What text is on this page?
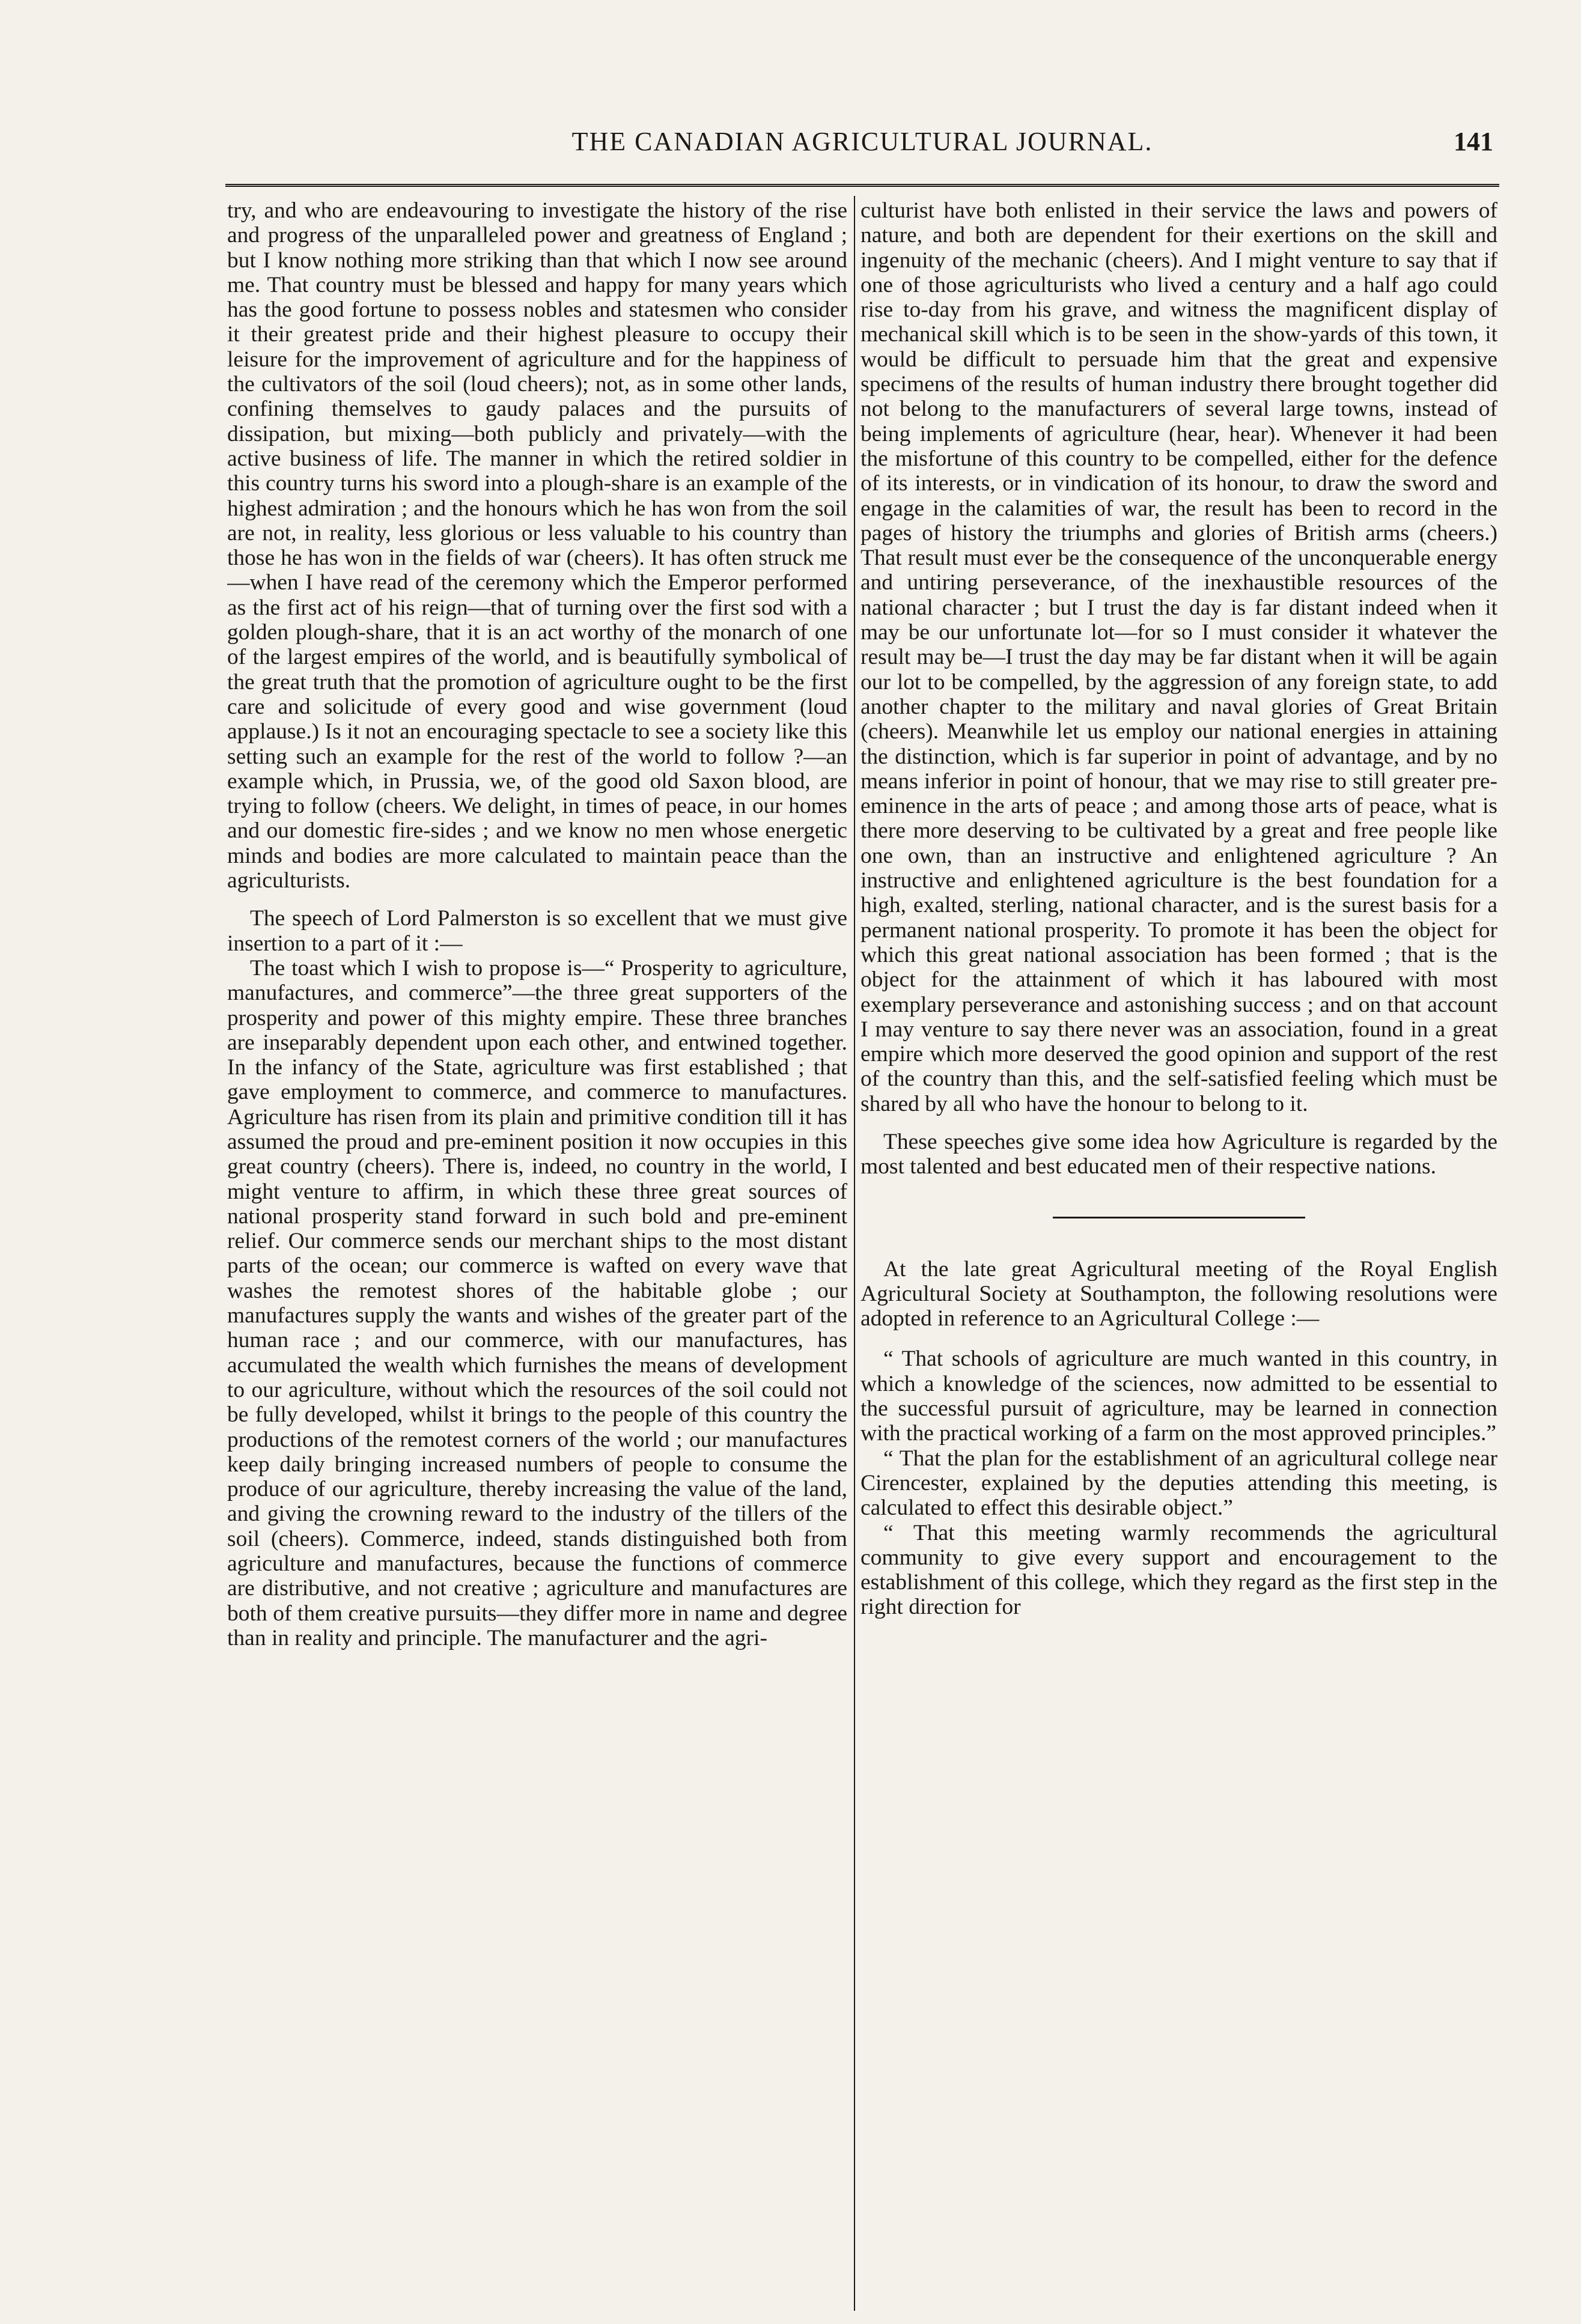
THE CANADIAN AGRICULTURAL JOURNAL.	141

try, and who are endeavouring to investigate the history of the rise and progress of the unparalleled power and greatness of England ; but I know nothing more striking than that which I now see around me. That country must be blessed and happy for many years which has the good fortune to possess nobles and statesmen who consider it their greatest pride and their highest pleasure to occupy their leisure for the improvement of agriculture and for the happiness of the cultivators of the soil (loud cheers); not, as in some other lands, confining themselves to gaudy palaces and the pursuits of dissipation, but mixing—both publicly and privately—with the active business of life. The manner in which the retired soldier in this country turns his sword into a plough-share is an example of the highest admiration ; and the honours which he has won from the soil are not, in reality, less glorious or less valuable to his country than those he has won in the fields of war (cheers). It has often struck me—when I have read of the ceremony which the Emperor performed as the first act of his reign—that of turning over the first sod with a golden plough-share, that it is an act worthy of the monarch of one of the largest empires of the world, and is beautifully symbolical of the great truth that the promotion of agriculture ought to be the first care and solicitude of every good and wise government (loud applause.) Is it not an encouraging spectacle to see a society like this setting such an example for the rest of the world to follow ?—an example which, in Prussia, we, of the good old Saxon blood, are trying to follow (cheers. We delight, in times of peace, in our homes and our domestic fire-sides ; and we know no men whose energetic minds and bodies are more calculated to maintain peace than the agriculturists.

The speech of Lord Palmerston is so excellent that we must give insertion to a part of it :—

The toast which I wish to propose is—“ Prosperity to agriculture, manufactures, and commerce”—the three great supporters of the prosperity and power of this mighty empire. These three branches are inseparably dependent upon each other, and entwined together. In the infancy of the State, agriculture was first established ; that gave employment to commerce, and commerce to manufactures. Agriculture has risen from its plain and primitive condition till it has assumed the proud and pre-eminent position it now occupies in this great country (cheers). There is, indeed, no country in the world, I might venture to affirm, in which these three great sources of national prosperity stand forward in such bold and pre-eminent relief. Our commerce sends our merchant ships to the most distant parts of the ocean; our commerce is wafted on every wave that washes the remotest shores of the habitable globe ; our manufactures supply the wants and wishes of the greater part of the human race ; and our commerce, with our manufactures, has accumulated the wealth which furnishes the means of development to our agriculture, without which the resources of the soil could not be fully developed, whilst it brings to the people of this country the productions of the remotest corners of the world ; our manufactures keep daily bringing increased numbers of people to consume the produce of our agriculture, thereby increasing the value of the land, and giving the crowning reward to the industry of the tillers of the soil (cheers). Commerce, indeed, stands distinguished both from agriculture and manufactures, because the functions of commerce are distributive, and not creative ; agriculture and manufactures are both of them creative pursuits—they differ more in name and degree than in reality and principle. The manufacturer and the agri-

culturist have both enlisted in their service the laws and powers of nature, and both are dependent for their exertions on the skill and ingenuity of the mechanic (cheers). And I might venture to say that if one of those agriculturists who lived a century and a half ago could rise to-day from his grave, and witness the magnificent display of mechanical skill which is to be seen in the show-yards of this town, it would be difficult to persuade him that the great and expensive specimens of the results of human industry there brought together did not belong to the manufacturers of several large towns, instead of being implements of agriculture (hear, hear). Whenever it had been the misfortune of this country to be compelled, either for the defence of its interests, or in vindication of its honour, to draw the sword and engage in the calamities of war, the result has been to record in the pages of history the triumphs and glories of British arms (cheers.) That result must ever be the consequence of the unconquerable energy and untiring perseverance, of the inexhaustible resources of the national character ; but I trust the day is far distant indeed when it may be our unfortunate lot—for so I must consider it whatever the result may be—I trust the day may be far distant when it will be again our lot to be compelled, by the aggression of any foreign state, to add another chapter to the military and naval glories of Great Britain (cheers). Meanwhile let us employ our national energies in attaining the distinction, which is far superior in point of advantage, and by no means inferior in point of honour, that we may rise to still greater pre-eminence in the arts of peace ; and among those arts of peace, what is there more deserving to be cultivated by a great and free people like one own, than an instructive and enlightened agriculture ? An instructive and enlightened agriculture is the best foundation for a high, exalted, sterling, national character, and is the surest basis for a permanent national prosperity. To promote it has been the object for which this great national association has been formed ; that is the object for the attainment of which it has laboured with most exemplary perseverance and astonishing success ; and on that account I may venture to say there never was an association, found in a great empire which more deserved the good opinion and support of the rest of the country than this, and the self-satisfied feeling which must be shared by all who have the honour to belong to it.

These speeches give some idea how Agriculture is regarded by the most talented and best educated men of their respective nations.

At the late great Agricultural meeting of the Royal English Agricultural Society at Southampton, the following resolutions were adopted in reference to an Agricultural College :—

“ That schools of agriculture are much wanted in this country, in which a knowledge of the sciences, now admitted to be essential to the successful pursuit of agriculture, may be learned in connection with the practical working of a farm on the most approved principles.”

“ That the plan for the establishment of an agricultural college near Cirencester, explained by the deputies attending this meeting, is calculated to effect this desirable object.”

“ That this meeting warmly recommends the agricultural community to give every support and encouragement to the establishment of this college, which they regard as the first step in the right direction for
